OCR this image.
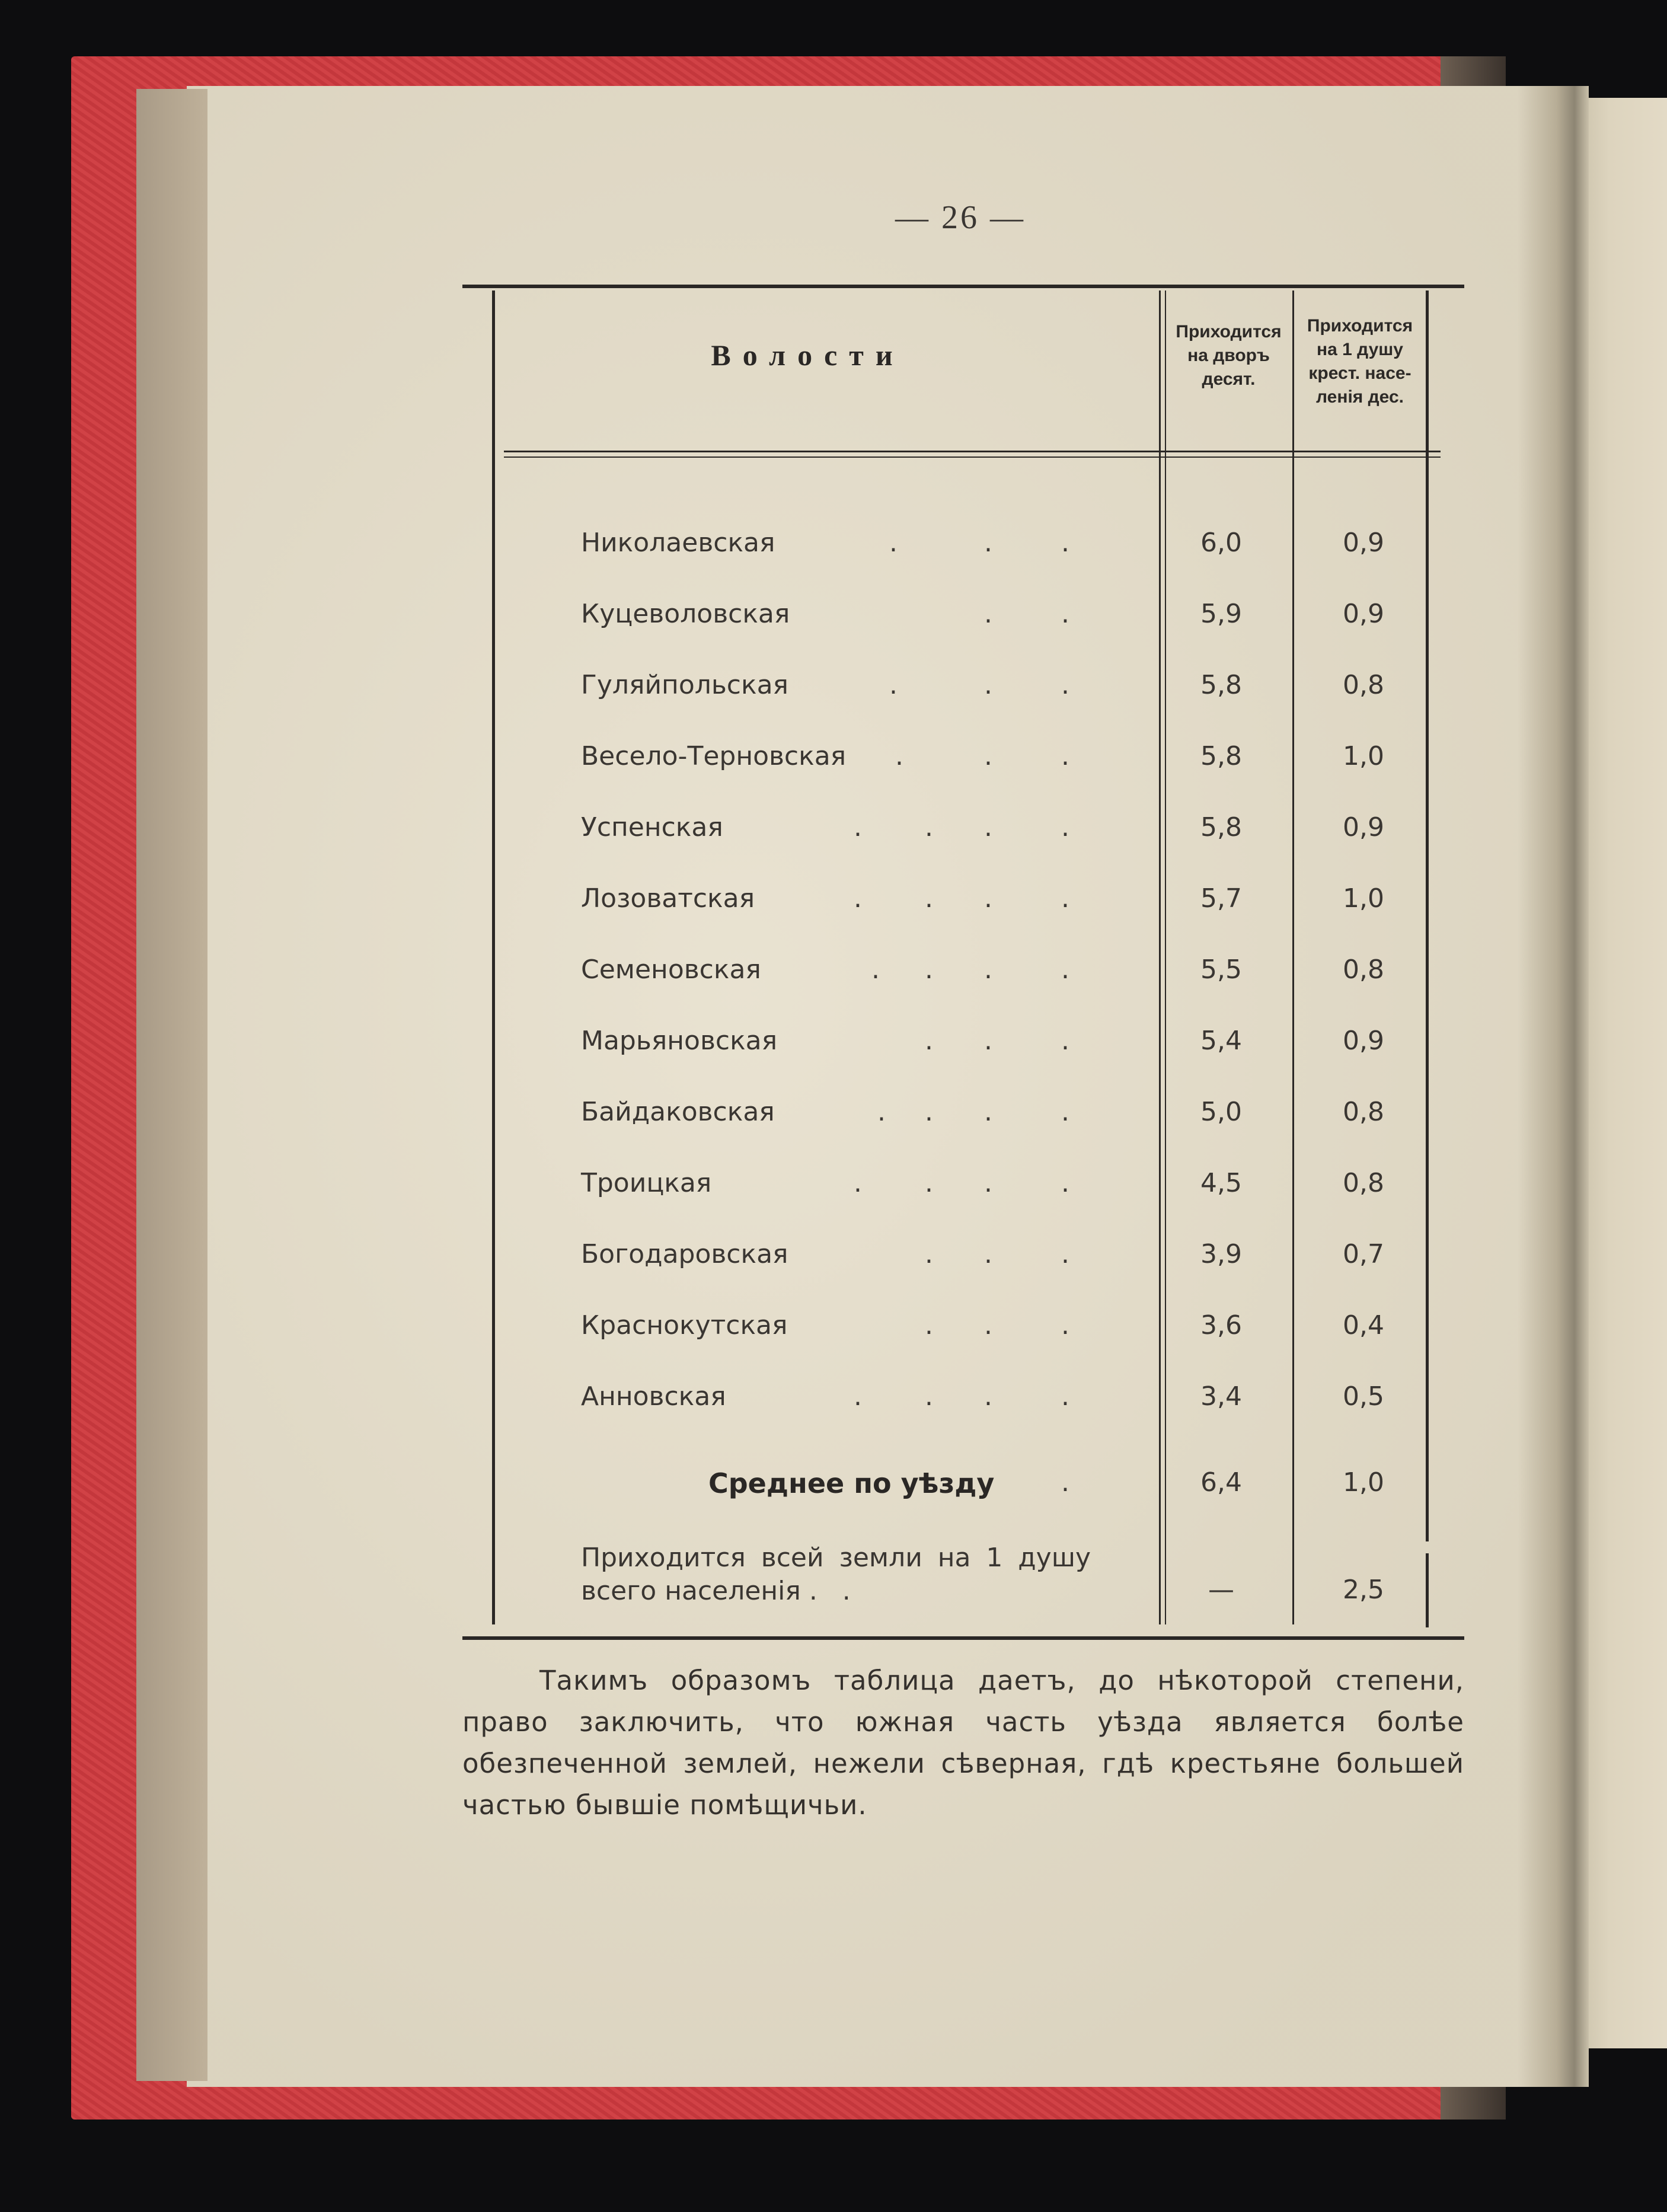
— 26 —
Волости
Приходится
на дворъ
десят.
Приходится
на 1 душу
крест. насе-
ленія дес.
Николаевская	.	.	.	6,0	0,9
Куцеволовская	.	.	5,9	0,9
Гуляйпольская	.	.	.	5,8	0,8
Весело-Терновская .	.	.	5,8	1,0
Успенская	. . .	.	5,8	0,9
Лозоватская	. . .	.	5,7	1,0
Семеновская	. . .	.	5,5	0,8
Марьяновская	. .	.	5,4	0,9
Байдаковская	. . .	.	5,0	0,8
Троицкая	. . .	.	4,5	0,8
Богодаровская	. .	.	3,9	0,7
Краснокутская	. .	.	3,6	0,4
Анновская	. . .	.	3,4	0,5
Среднее по уѣзду	.	6,4	1,0
Приходится всей земли на 1 душу всего населенія .   .	—	2,5
Такимъ образомъ таблица даетъ, до нѣкоторой степени, право заключить, что южная часть уѣзда является болѣе обезпеченной землей, нежели сѣверная, гдѣ крестьяне большей частью бывшіе помѣщичьи.
